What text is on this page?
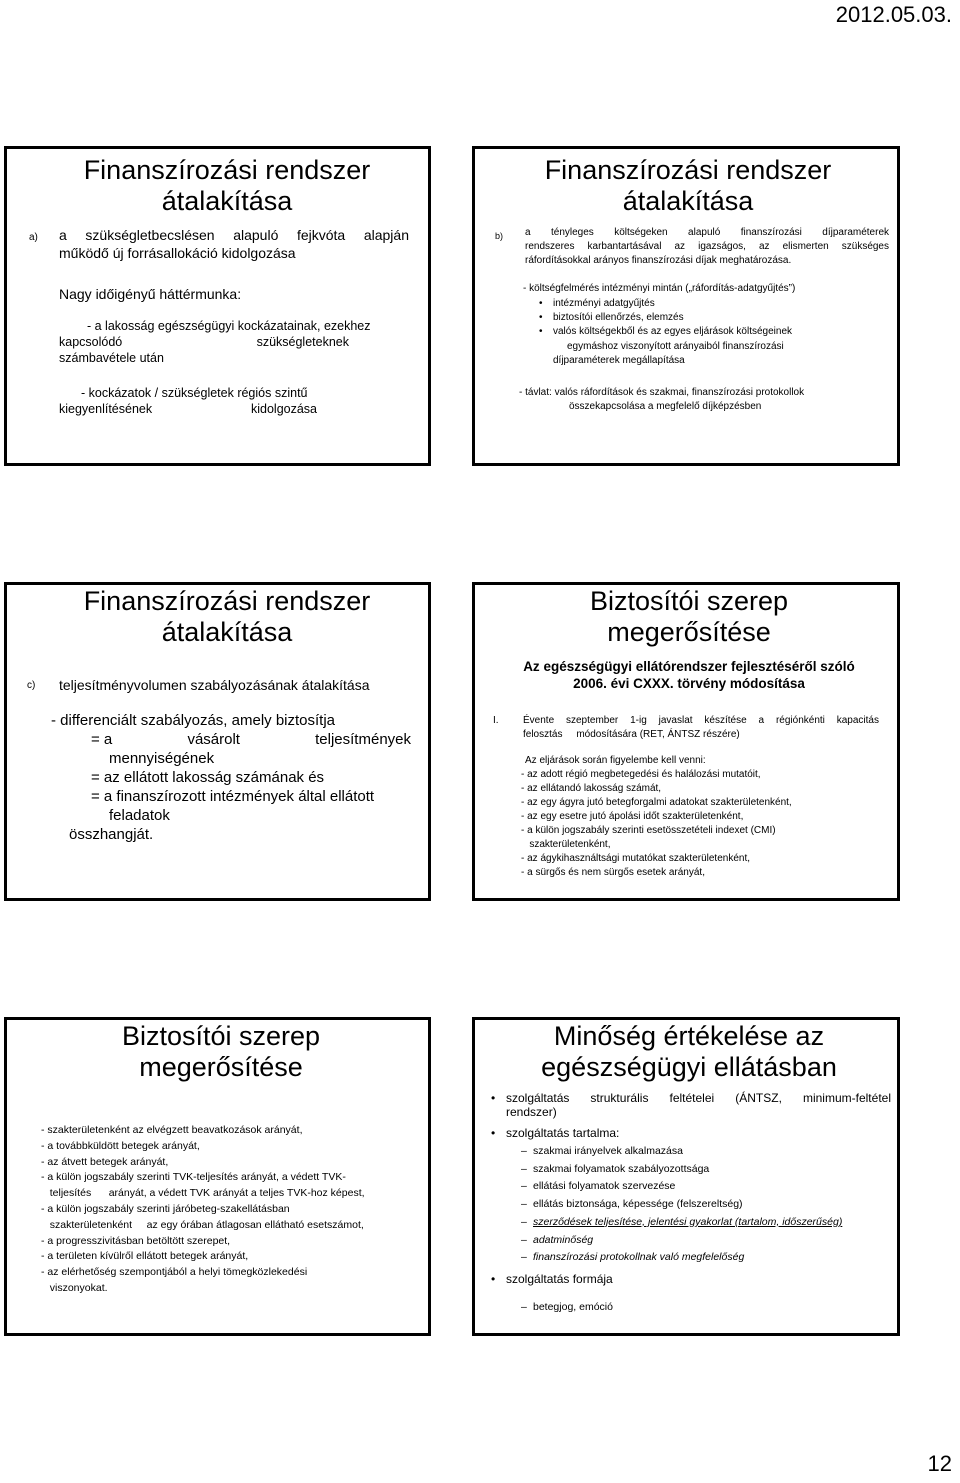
2012.05.03.
Finanszírozási rendszer átalakítása
a) a szükségletbecslésen alapuló fejkvóta alapján
működő új forrásallokáció kidolgozása
Nagy időigényű háttérmunka:
- a lakosság egészségügyi kockázatainak, ezekhez
kapcsolódó	szükségleteknek
számbavétele után
- kockázatok / szükségletek régiós szintű
kiegyenlítésének	kidolgozása
Finanszírozási rendszer átalakítása
b) a tényleges költségeken alapuló finanszírozási díjparaméterek
rendszeres karbantartásával az igazságos, az elismerten szükséges
ráfordításokkal arányos finanszírozási díjak meghatározása.
- költségfelmérés intézményi mintán („ráfordítás-adatgyűjtés”)
• intézményi adatgyűjtés
• biztosítói ellenőrzés, elemzés
• valós költségekből és az egyes eljárások költségeinek
egymáshoz viszonyított arányaiból finanszírozási
díjparaméterek megállapítása
- távlat: valós ráfordítások és szakmai, finanszírozási protokollok
összekapcsolása a megfelelő díjképzésben
Finanszírozási rendszer átalakítása
c) teljesítményvolumen szabályozásának átalakítása
- differenciált szabályozás, amely biztosítja
= a	vásárolt	teljesítmények
mennyiségének
= az ellátott lakosság számának és
= a finanszírozott intézmények által ellátott
feladatok
összhangját.
Biztosítói szerep megerősítése
Az egészségügyi ellátórendszer fejlesztéséről szóló
2006. évi CXXX. törvény módosítása
I. Évente szeptember 1-ig javaslat készítése a régiónkénti kapacitás
felosztás     módosítására (RET, ÁNTSZ részére)
Az eljárások során figyelembe kell venni:
- az adott régió megbetegedési és halálozási mutatóit,
- az ellátandó lakosság számát,
- az egy ágyra jutó betegforgalmi adatokat szakterületenként,
- az egy esetre jutó ápolási időt szakterületenként,
- a külön jogszabály szerinti esetösszetételi indexet (CMI)
szakterületenként,
- az ágykihasználtsági mutatókat szakterületenként,
- a sürgős és nem sürgős esetek arányát,
Biztosítói szerep megerősítése
- szakterületenként az elvégzett beavatkozások arányát,
- a továbbküldött betegek arányát,
- az átvett betegek arányát,
- a külön jogszabály szerinti TVK-teljesítés arányát, a védett TVK-
teljesítés      arányát, a védett TVK arányát a teljes TVK-hoz képest,
- a külön jogszabály szerinti járóbeteg-szakellátásban
szakterületenként     az egy órában átlagosan ellátható esetszámot,
- a progresszivitásban betöltött szerepet,
- a területen kívülről ellátott betegek arányát,
- az elérhetőség szempontjából a helyi tömegközlekedési
viszonyokat.
Minőség értékelése az egészségügyi ellátásban
• szolgáltatás strukturális feltételei (ÁNTSZ, minimum-feltétel
rendszer)
• szolgáltatás tartalma:
– szakmai irányelvek alkalmazása
– szakmai folyamatok szabályozottsága
– ellátási folyamatok szervezése
– ellátás biztonsága, képessége (felszereltség)
– szerződések teljesítése, jelentési gyakorlat (tartalom, időszerűség)
– adatminőség
– finanszírozási protokollnak való megfelelőség
• szolgáltatás formája
– betegjog, emóció
12
